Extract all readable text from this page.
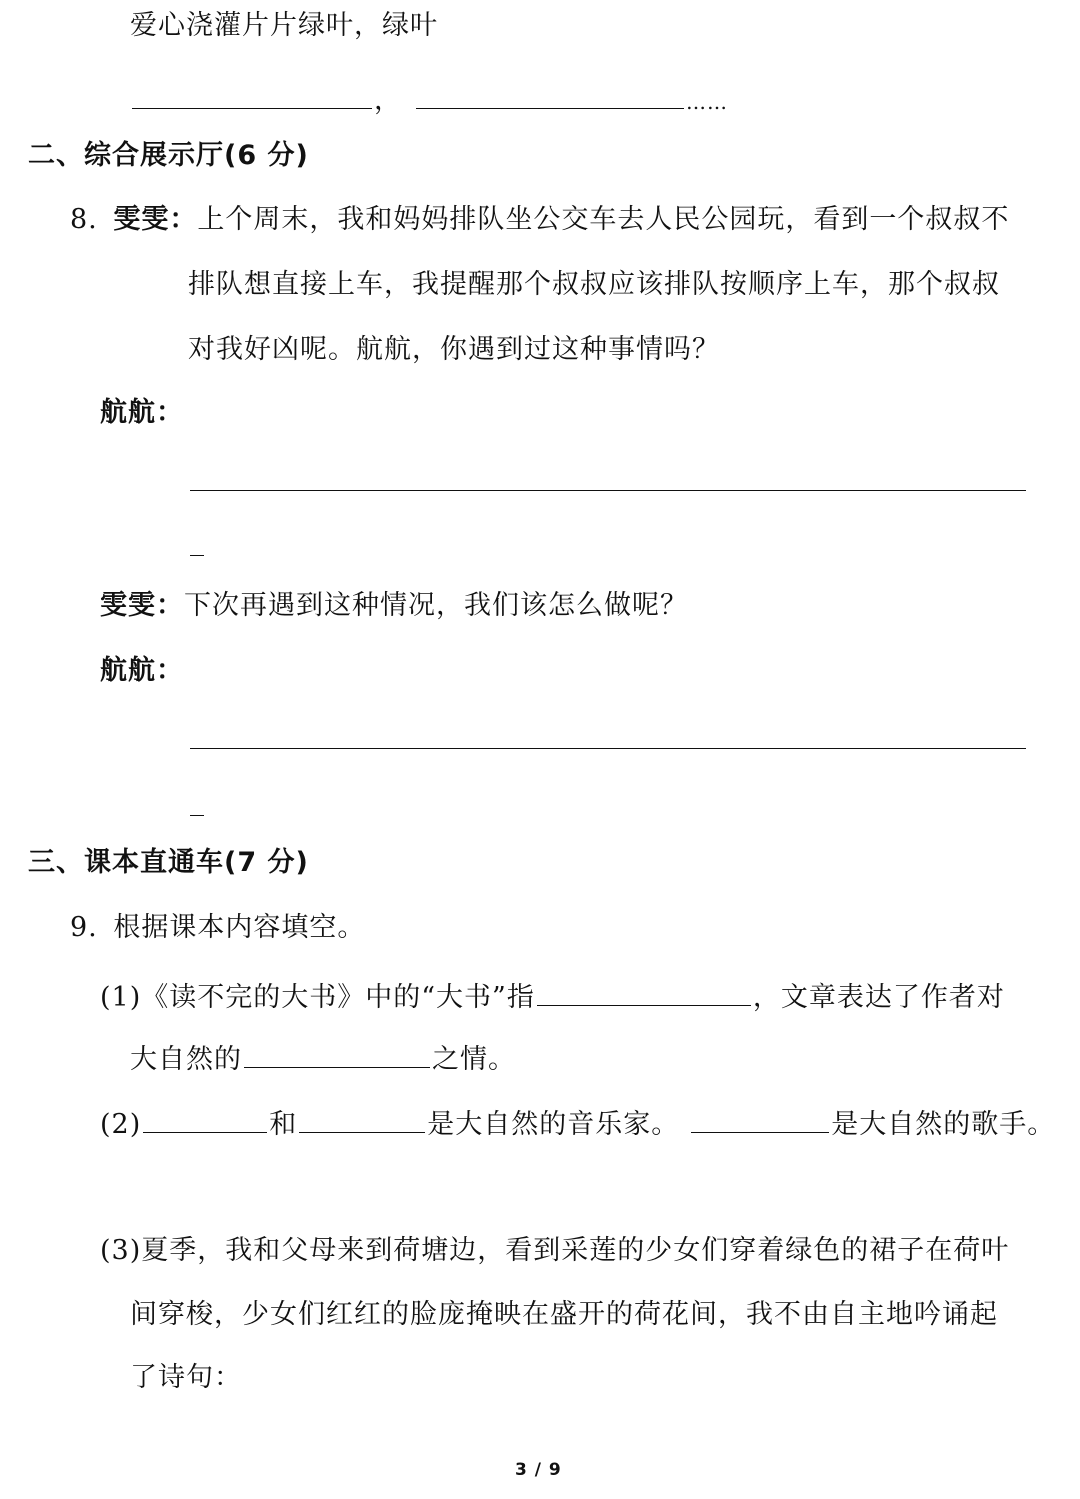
爱心浇灌片片绿叶，绿叶
，	……
二、综合展示厅(6 分)
8. 雯雯：上个周末，我和妈妈排队坐公交车去人民公园玩，看到一个叔叔不
排队想直接上车，我提醒那个叔叔应该排队按顺序上车，那个叔叔
对我好凶呢。航航，你遇到过这种事情吗？
航航：
雯雯：下次再遇到这种情况，我们该怎么做呢？
航航：
三、课本直通车(7 分)
9. 根据课本内容填空。
(1)《读不完的大书》中的“大书”指	，文章表达了作者对
大自然的	之情。
(2)	和	是大自然的音乐家。	是大自然的歌手。
(3)夏季，我和父母来到荷塘边，看到采莲的少女们穿着绿色的裙子在荷叶
间穿梭，少女们红红的脸庞掩映在盛开的荷花间，我不由自主地吟诵起
了诗句：
3 / 9
